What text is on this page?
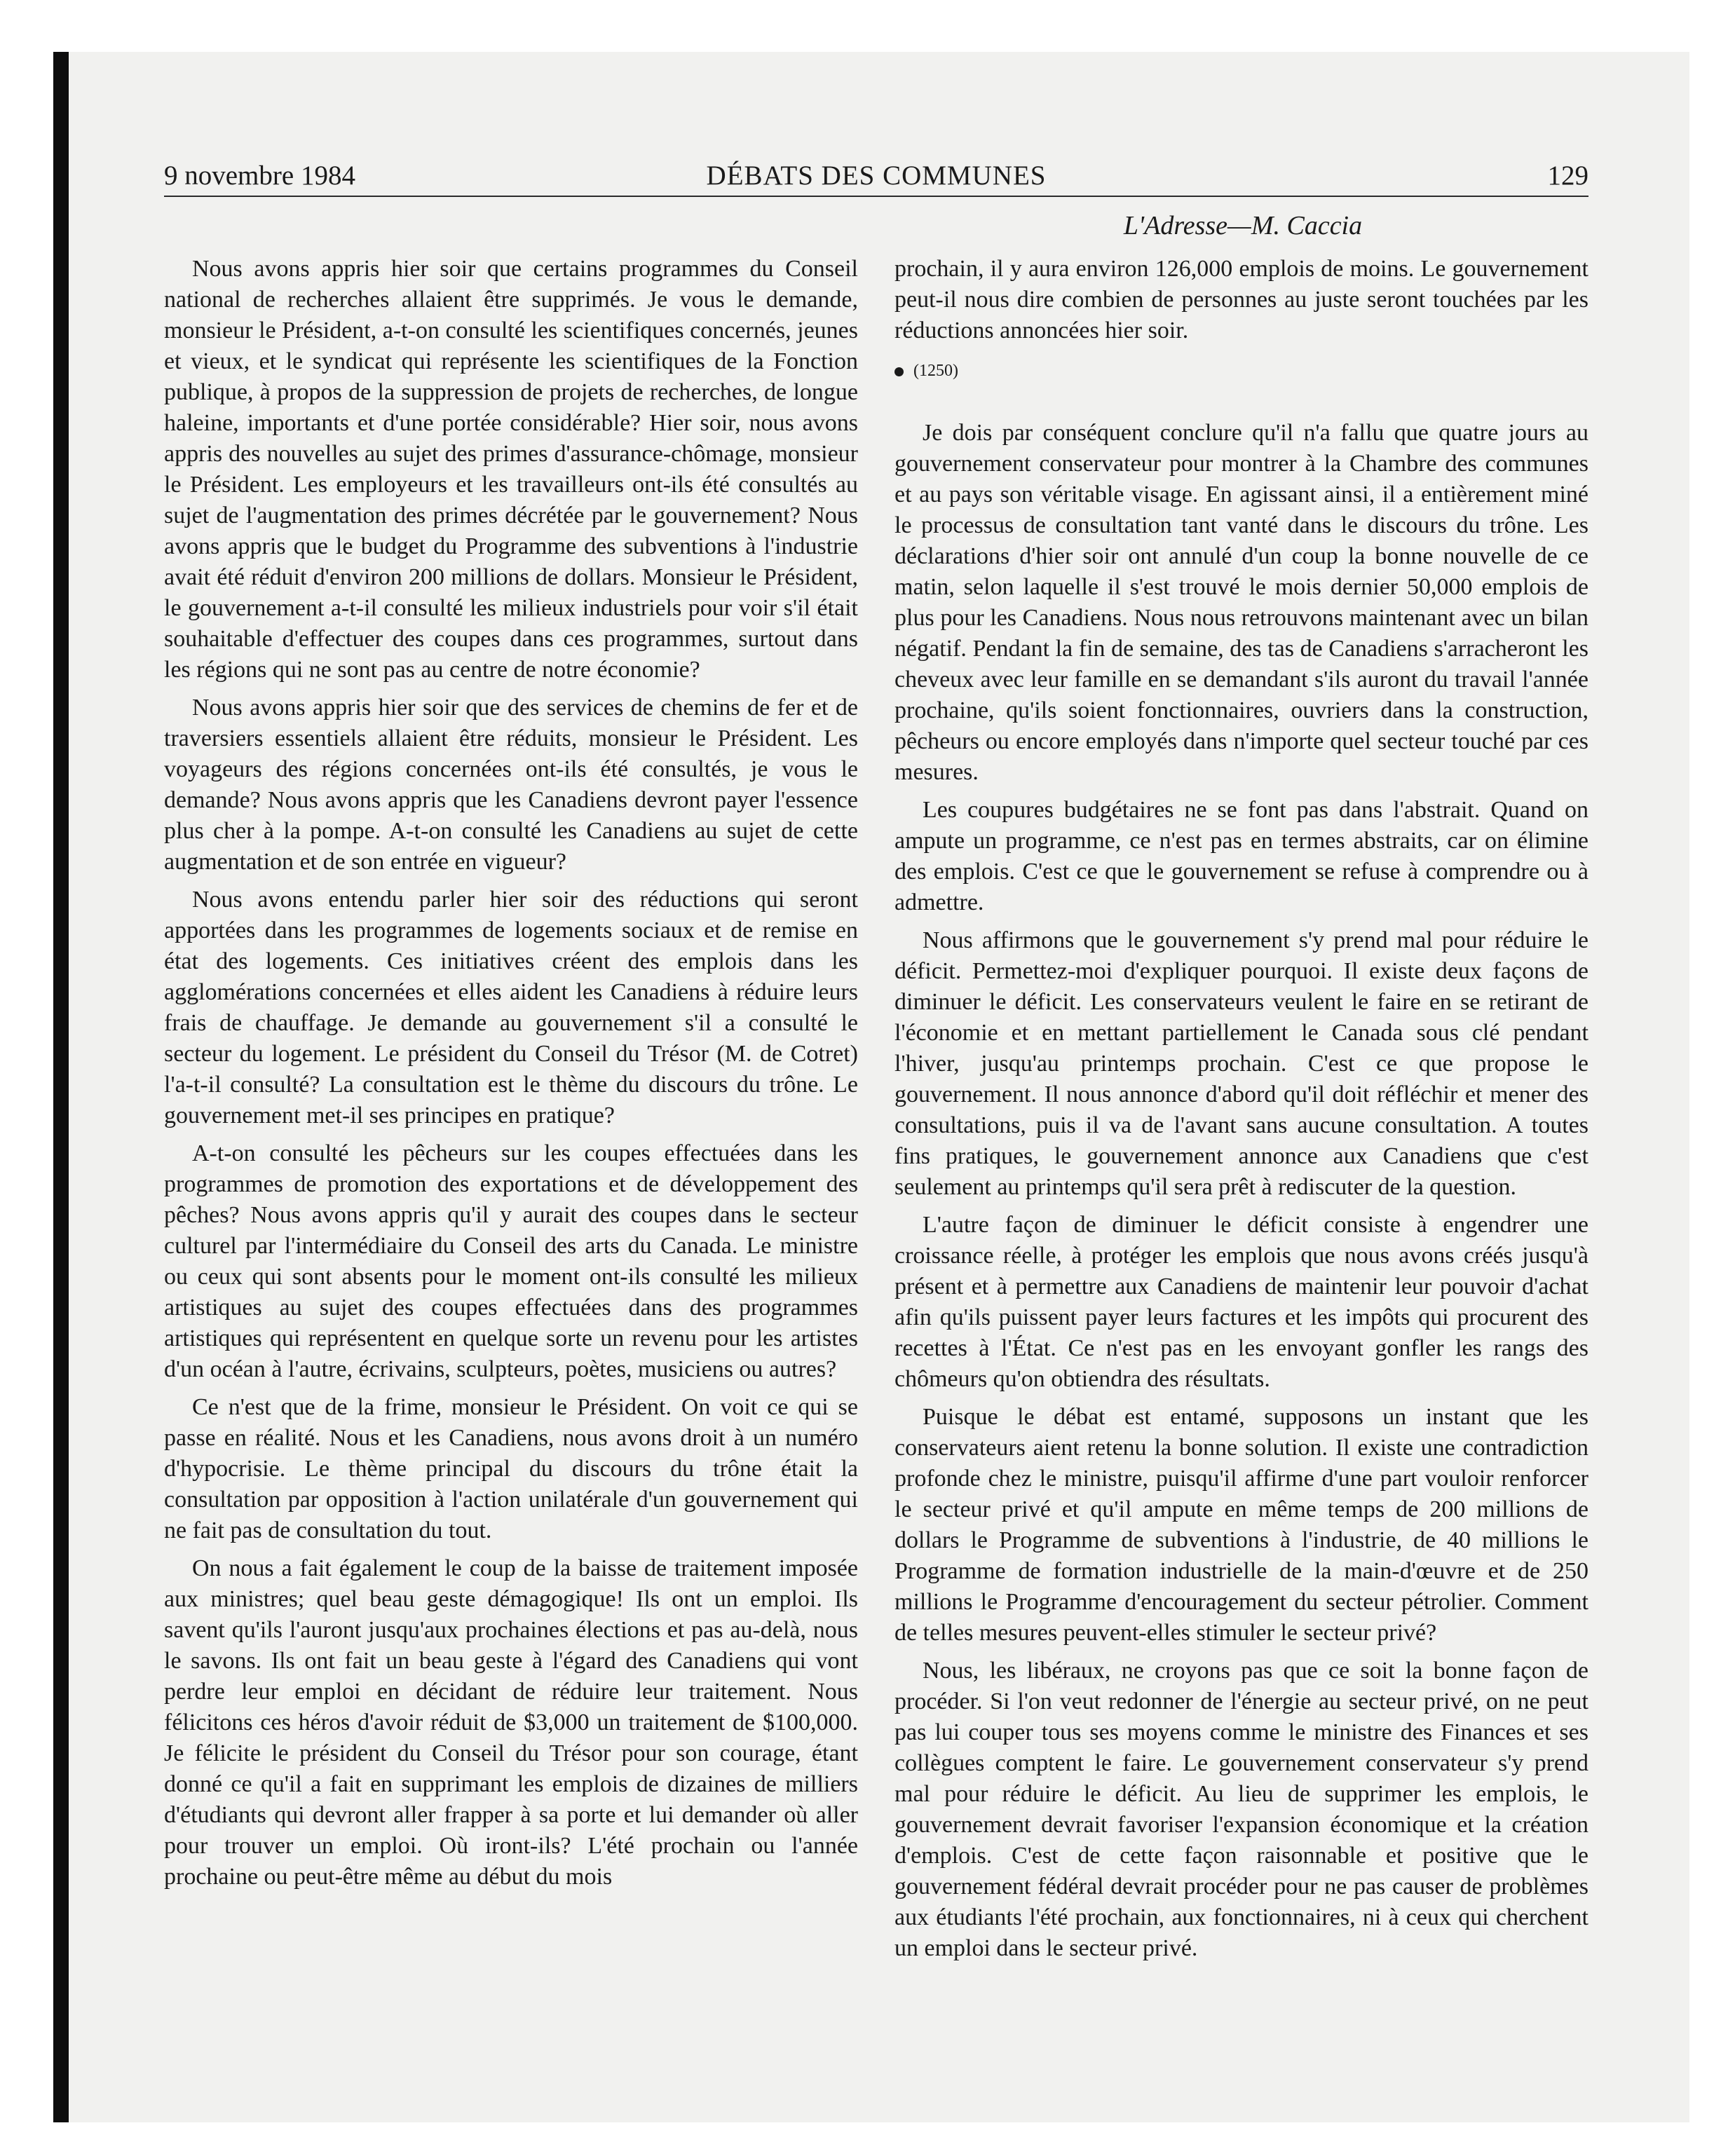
9 novembre 1984	DÉBATS DES COMMUNES	129
L'Adresse—M. Caccia

Nous avons appris hier soir que certains programmes du Conseil national de recherches allaient être supprimés. Je vous le demande, monsieur le Président, a-t-on consulté les scientifiques concernés, jeunes et vieux, et le syndicat qui représente les scientifiques de la Fonction publique, à propos de la suppression de projets de recherches, de longue haleine, importants et d'une portée considérable? Hier soir, nous avons appris des nouvelles au sujet des primes d'assurance-chômage, monsieur le Président. Les employeurs et les travailleurs ont-ils été consultés au sujet de l'augmentation des primes décrétée par le gouvernement? Nous avons appris que le budget du Programme des subventions à l'industrie avait été réduit d'environ 200 millions de dollars. Monsieur le Président, le gouvernement a-t-il consulté les milieux industriels pour voir s'il était souhaitable d'effectuer des coupes dans ces programmes, surtout dans les régions qui ne sont pas au centre de notre économie?

Nous avons appris hier soir que des services de chemins de fer et de traversiers essentiels allaient être réduits, monsieur le Président. Les voyageurs des régions concernées ont-ils été consultés, je vous le demande? Nous avons appris que les Canadiens devront payer l'essence plus cher à la pompe. A-t-on consulté les Canadiens au sujet de cette augmentation et de son entrée en vigueur?

Nous avons entendu parler hier soir des réductions qui seront apportées dans les programmes de logements sociaux et de remise en état des logements. Ces initiatives créent des emplois dans les agglomérations concernées et elles aident les Canadiens à réduire leurs frais de chauffage. Je demande au gouvernement s'il a consulté le secteur du logement. Le président du Conseil du Trésor (M. de Cotret) l'a-t-il consulté? La consultation est le thème du discours du trône. Le gouvernement met-il ses principes en pratique?

A-t-on consulté les pêcheurs sur les coupes effectuées dans les programmes de promotion des exportations et de développement des pêches? Nous avons appris qu'il y aurait des coupes dans le secteur culturel par l'intermédiaire du Conseil des arts du Canada. Le ministre ou ceux qui sont absents pour le moment ont-ils consulté les milieux artistiques au sujet des coupes effectuées dans des programmes artistiques qui représentent en quelque sorte un revenu pour les artistes d'un océan à l'autre, écrivains, sculpteurs, poètes, musiciens ou autres?

Ce n'est que de la frime, monsieur le Président. On voit ce qui se passe en réalité. Nous et les Canadiens, nous avons droit à un numéro d'hypocrisie. Le thème principal du discours du trône était la consultation par opposition à l'action unilatérale d'un gouvernement qui ne fait pas de consultation du tout.

On nous a fait également le coup de la baisse de traitement imposée aux ministres; quel beau geste démagogique! Ils ont un emploi. Ils savent qu'ils l'auront jusqu'aux prochaines élections et pas au-delà, nous le savons. Ils ont fait un beau geste à l'égard des Canadiens qui vont perdre leur emploi en décidant de réduire leur traitement. Nous félicitons ces héros d'avoir réduit de $3,000 un traitement de $100,000. Je félicite le président du Conseil du Trésor pour son courage, étant donné ce qu'il a fait en supprimant les emplois de dizaines de milliers d'étudiants qui devront aller frapper à sa porte et lui demander où aller pour trouver un emploi. Où iront-ils? L'été prochain ou l'année prochaine ou peut-être même au début du mois

prochain, il y aura environ 126,000 emplois de moins. Le gouvernement peut-il nous dire combien de personnes au juste seront touchées par les réductions annoncées hier soir.

(1250)

Je dois par conséquent conclure qu'il n'a fallu que quatre jours au gouvernement conservateur pour montrer à la Chambre des communes et au pays son véritable visage. En agissant ainsi, il a entièrement miné le processus de consultation tant vanté dans le discours du trône. Les déclarations d'hier soir ont annulé d'un coup la bonne nouvelle de ce matin, selon laquelle il s'est trouvé le mois dernier 50,000 emplois de plus pour les Canadiens. Nous nous retrouvons maintenant avec un bilan négatif. Pendant la fin de semaine, des tas de Canadiens s'arracheront les cheveux avec leur famille en se demandant s'ils auront du travail l'année prochaine, qu'ils soient fonctionnaires, ouvriers dans la construction, pêcheurs ou encore employés dans n'importe quel secteur touché par ces mesures.

Les coupures budgétaires ne se font pas dans l'abstrait. Quand on ampute un programme, ce n'est pas en termes abstraits, car on élimine des emplois. C'est ce que le gouvernement se refuse à comprendre ou à admettre.

Nous affirmons que le gouvernement s'y prend mal pour réduire le déficit. Permettez-moi d'expliquer pourquoi. Il existe deux façons de diminuer le déficit. Les conservateurs veulent le faire en se retirant de l'économie et en mettant partiellement le Canada sous clé pendant l'hiver, jusqu'au printemps prochain. C'est ce que propose le gouvernement. Il nous annonce d'abord qu'il doit réfléchir et mener des consultations, puis il va de l'avant sans aucune consultation. A toutes fins pratiques, le gouvernement annonce aux Canadiens que c'est seulement au printemps qu'il sera prêt à rediscuter de la question.

L'autre façon de diminuer le déficit consiste à engendrer une croissance réelle, à protéger les emplois que nous avons créés jusqu'à présent et à permettre aux Canadiens de maintenir leur pouvoir d'achat afin qu'ils puissent payer leurs factures et les impôts qui procurent des recettes à l'État. Ce n'est pas en les envoyant gonfler les rangs des chômeurs qu'on obtiendra des résultats.

Puisque le débat est entamé, supposons un instant que les conservateurs aient retenu la bonne solution. Il existe une contradiction profonde chez le ministre, puisqu'il affirme d'une part vouloir renforcer le secteur privé et qu'il ampute en même temps de 200 millions de dollars le Programme de subventions à l'industrie, de 40 millions le Programme de formation industrielle de la main-d'œuvre et de 250 millions le Programme d'encouragement du secteur pétrolier. Comment de telles mesures peuvent-elles stimuler le secteur privé?

Nous, les libéraux, ne croyons pas que ce soit la bonne façon de procéder. Si l'on veut redonner de l'énergie au secteur privé, on ne peut pas lui couper tous ses moyens comme le ministre des Finances et ses collègues comptent le faire. Le gouvernement conservateur s'y prend mal pour réduire le déficit. Au lieu de supprimer les emplois, le gouvernement devrait favoriser l'expansion économique et la création d'emplois. C'est de cette façon raisonnable et positive que le gouvernement fédéral devrait procéder pour ne pas causer de problèmes aux étudiants l'été prochain, aux fonctionnaires, ni à ceux qui cherchent un emploi dans le secteur privé.
